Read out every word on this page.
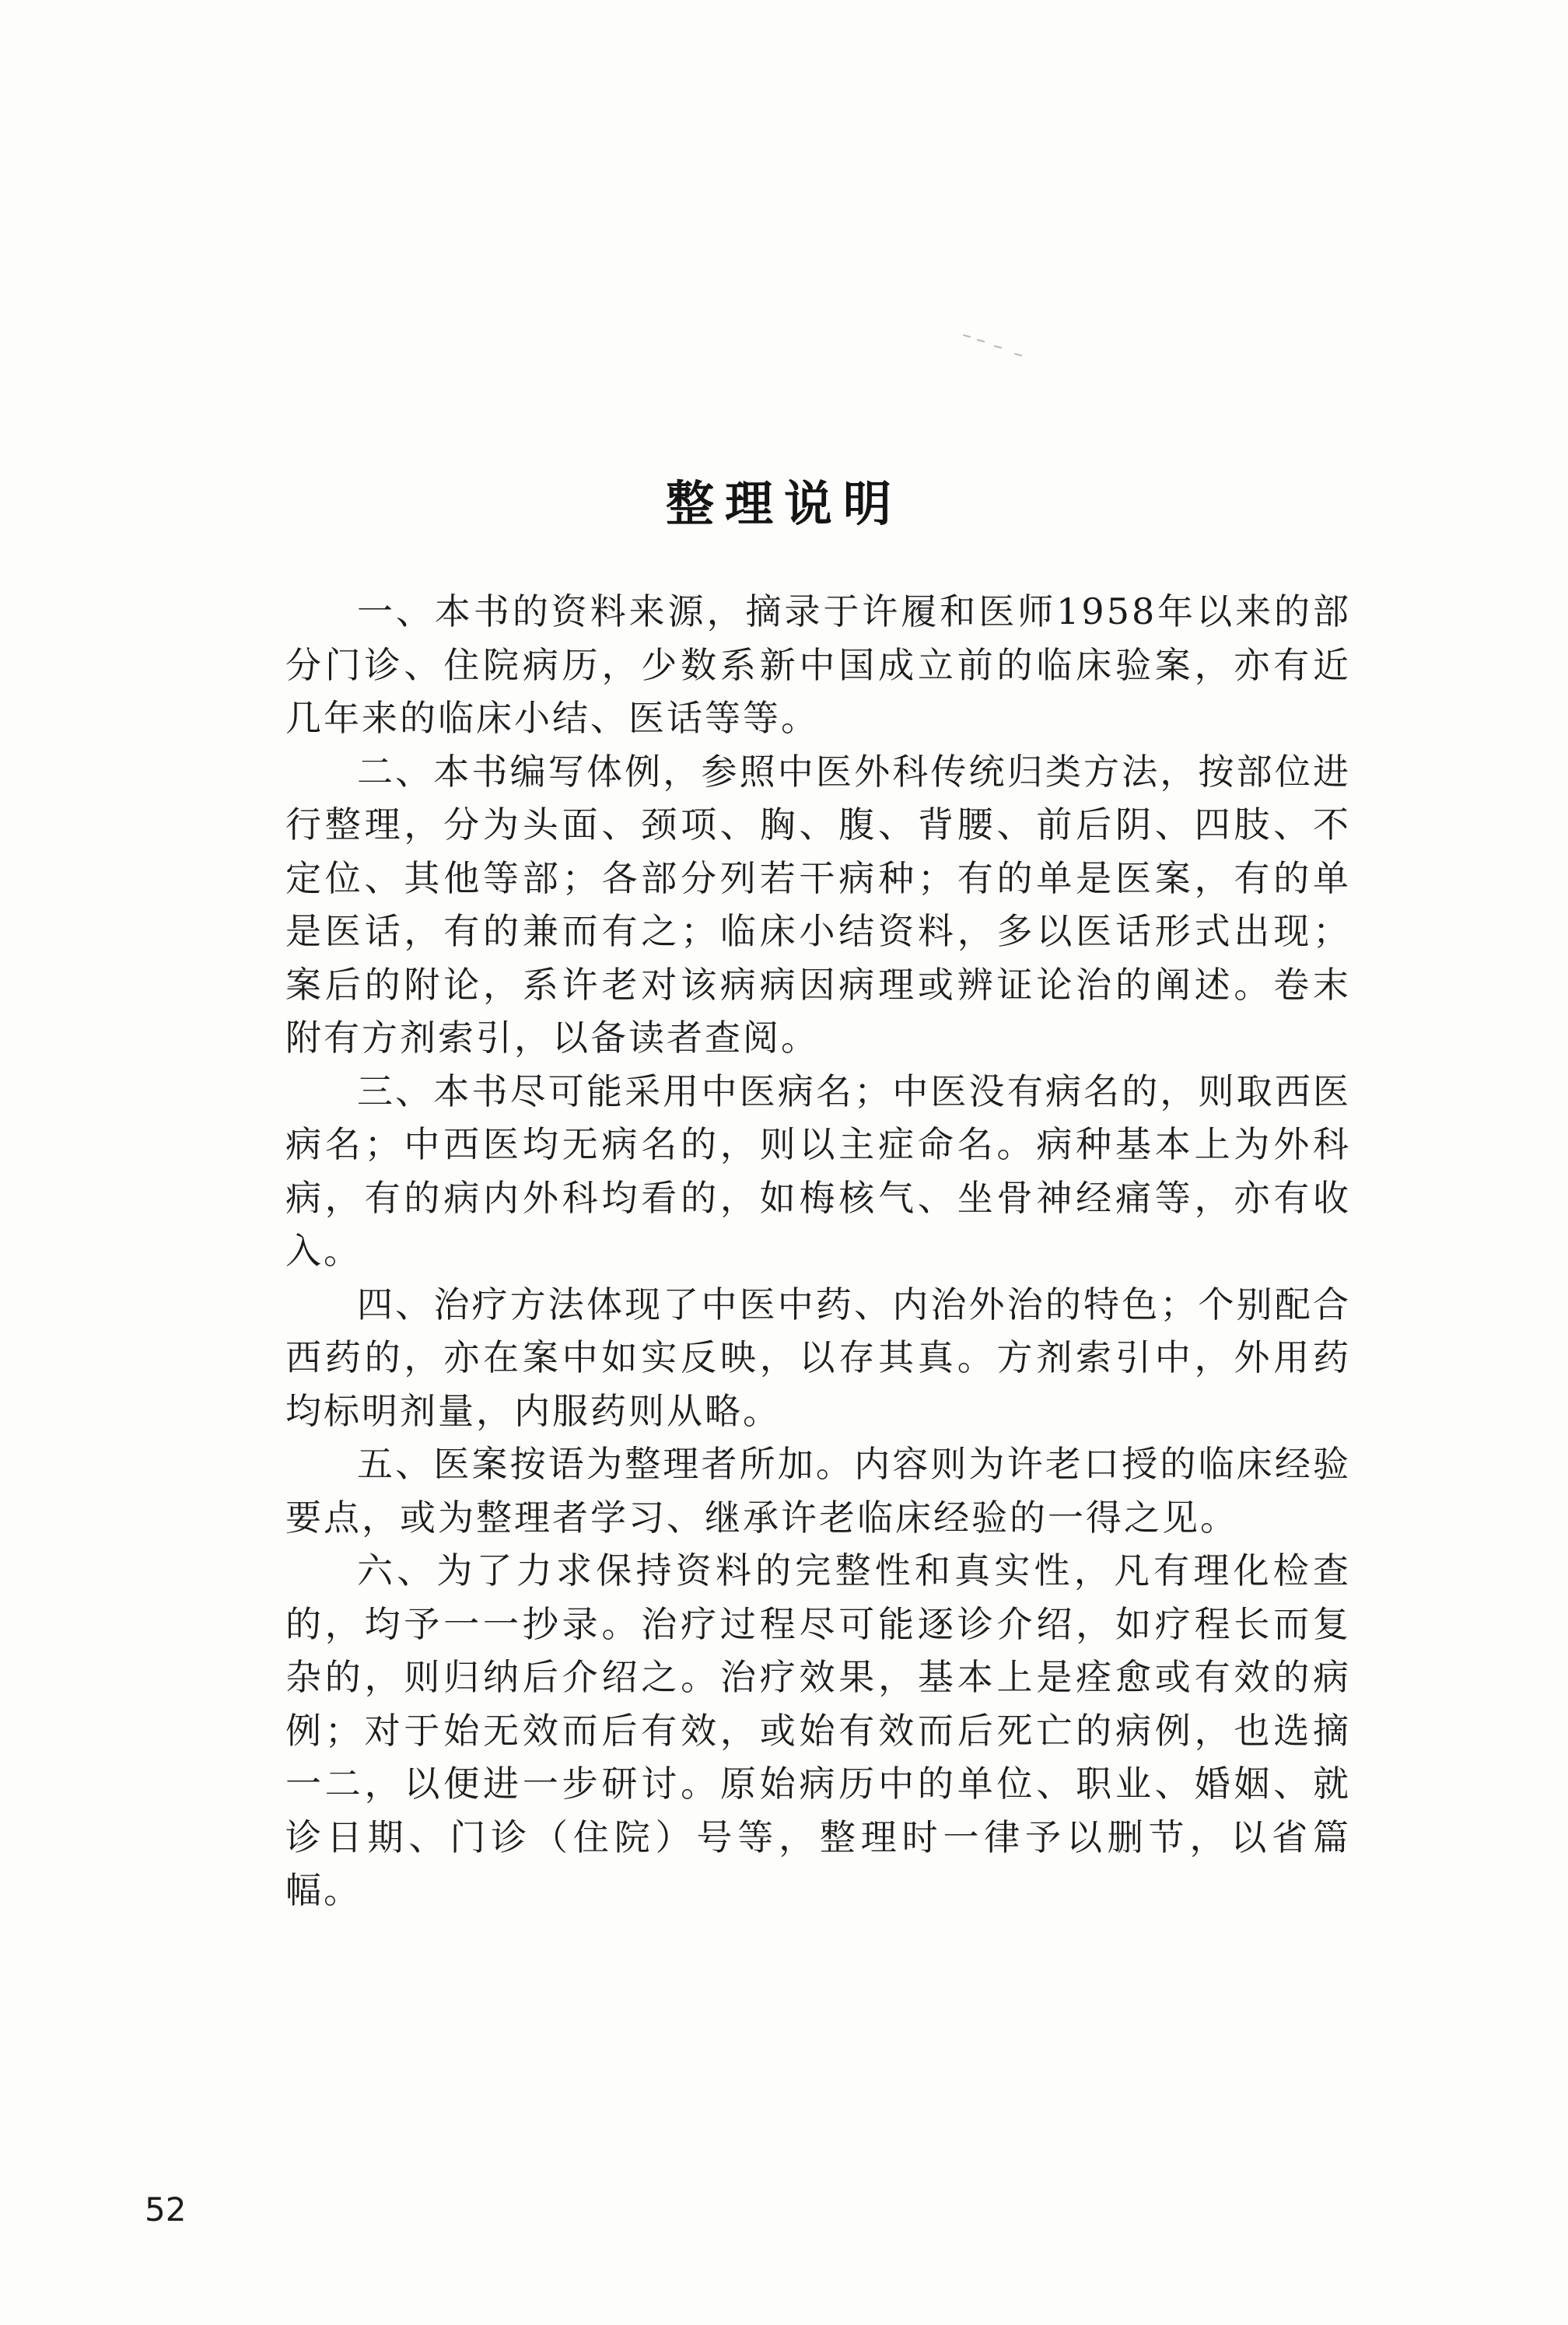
整理说明

一、本书的资料来源，摘录于许履和医师1958年以来的部分门诊、住院病历，少数系新中国成立前的临床验案，亦有近几年来的临床小结、医话等等。

二、本书编写体例，参照中医外科传统归类方法，按部位进行整理，分为头面、颈项、胸、腹、背腰、前后阴、四肢、不定位、其他等部；各部分列若干病种；有的单是医案，有的单是医话，有的兼而有之；临床小结资料，多以医话形式出现；案后的附论，系许老对该病病因病理或辨证论治的阐述。卷末附有方剂索引，以备读者查阅。

三、本书尽可能采用中医病名；中医没有病名的，则取西医病名；中西医均无病名的，则以主症命名。病种基本上为外科病，有的病内外科均看的，如梅核气、坐骨神经痛等，亦有收入。

四、治疗方法体现了中医中药、内治外治的特色；个别配合西药的，亦在案中如实反映，以存其真。方剂索引中，外用药均标明剂量，内服药则从略。

五、医案按语为整理者所加。内容则为许老口授的临床经验要点，或为整理者学习、继承许老临床经验的一得之见。

六、为了力求保持资料的完整性和真实性，凡有理化检查的，均予一一抄录。治疗过程尽可能逐诊介绍，如疗程长而复杂的，则归纳后介绍之。治疗效果，基本上是痊愈或有效的病例；对于始无效而后有效，或始有效而后死亡的病例，也选摘一二，以便进一步研讨。原始病历中的单位、职业、婚姻、就诊日期、门诊（住院）号等，整理时一律予以删节，以省篇幅。

52
